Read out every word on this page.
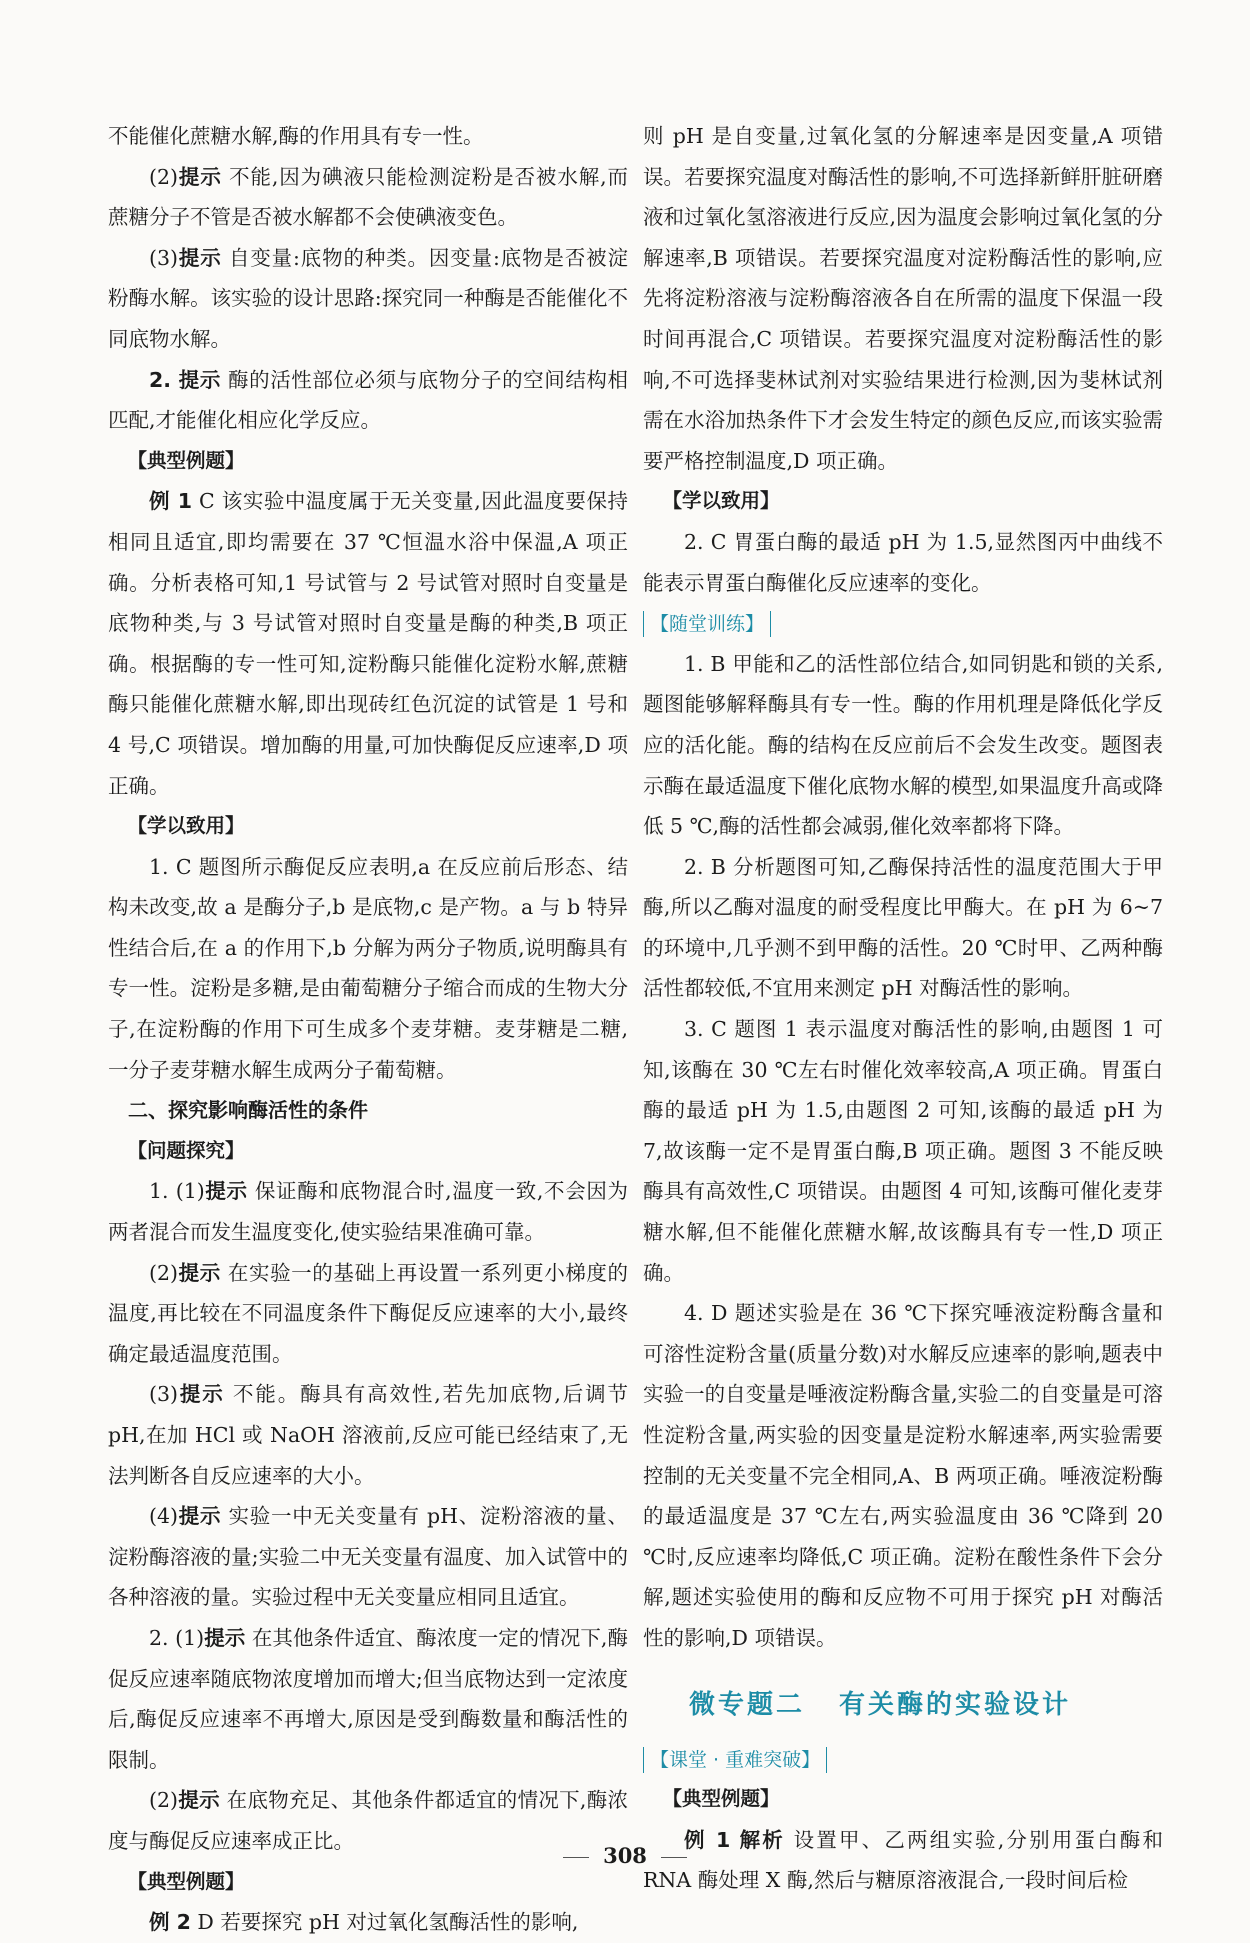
不能催化蔗糖水解,酶的作用具有专一性。

(2)提示 不能,因为碘液只能检测淀粉是否被水解,而蔗糖分子不管是否被水解都不会使碘液变色。

(3)提示 自变量:底物的种类。因变量:底物是否被淀粉酶水解。该实验的设计思路:探究同一种酶是否能催化不同底物水解。

2. 提示 酶的活性部位必须与底物分子的空间结构相匹配,才能催化相应化学反应。

【典型例题】

例 1 C 该实验中温度属于无关变量,因此温度要保持相同且适宜,即均需要在 37 ℃恒温水浴中保温,A 项正确。分析表格可知,1 号试管与 2 号试管对照时自变量是底物种类,与 3 号试管对照时自变量是酶的种类,B 项正确。根据酶的专一性可知,淀粉酶只能催化淀粉水解,蔗糖酶只能催化蔗糖水解,即出现砖红色沉淀的试管是 1 号和 4 号,C 项错误。增加酶的用量,可加快酶促反应速率,D 项正确。

【学以致用】

1. C 题图所示酶促反应表明,a 在反应前后形态、结构未改变,故 a 是酶分子,b 是底物,c 是产物。a 与 b 特异性结合后,在 a 的作用下,b 分解为两分子物质,说明酶具有专一性。淀粉是多糖,是由葡萄糖分子缩合而成的生物大分子,在淀粉酶的作用下可生成多个麦芽糖。麦芽糖是二糖,一分子麦芽糖水解生成两分子葡萄糖。

二、探究影响酶活性的条件

【问题探究】

1. (1)提示 保证酶和底物混合时,温度一致,不会因为两者混合而发生温度变化,使实验结果准确可靠。

(2)提示 在实验一的基础上再设置一系列更小梯度的温度,再比较在不同温度条件下酶促反应速率的大小,最终确定最适温度范围。

(3)提示 不能。酶具有高效性,若先加底物,后调节 pH,在加 HCl 或 NaOH 溶液前,反应可能已经结束了,无法判断各自反应速率的大小。

(4)提示 实验一中无关变量有 pH、淀粉溶液的量、淀粉酶溶液的量;实验二中无关变量有温度、加入试管中的各种溶液的量。实验过程中无关变量应相同且适宜。

2. (1)提示 在其他条件适宜、酶浓度一定的情况下,酶促反应速率随底物浓度增加而增大;但当底物达到一定浓度后,酶促反应速率不再增大,原因是受到酶数量和酶活性的限制。

(2)提示 在底物充足、其他条件都适宜的情况下,酶浓度与酶促反应速率成正比。

【典型例题】

例 2 D 若要探究 pH 对过氧化氢酶活性的影响,

则 pH 是自变量,过氧化氢的分解速率是因变量,A 项错误。若要探究温度对酶活性的影响,不可选择新鲜肝脏研磨液和过氧化氢溶液进行反应,因为温度会影响过氧化氢的分解速率,B 项错误。若要探究温度对淀粉酶活性的影响,应先将淀粉溶液与淀粉酶溶液各自在所需的温度下保温一段时间再混合,C 项错误。若要探究温度对淀粉酶活性的影响,不可选择斐林试剂对实验结果进行检测,因为斐林试剂需在水浴加热条件下才会发生特定的颜色反应,而该实验需要严格控制温度,D 项正确。

【学以致用】

2. C 胃蛋白酶的最适 pH 为 1.5,显然图丙中曲线不能表示胃蛋白酶催化反应速率的变化。

【随堂训练】

1. B 甲能和乙的活性部位结合,如同钥匙和锁的关系,题图能够解释酶具有专一性。酶的作用机理是降低化学反应的活化能。酶的结构在反应前后不会发生改变。题图表示酶在最适温度下催化底物水解的模型,如果温度升高或降低 5 ℃,酶的活性都会减弱,催化效率都将下降。

2. B 分析题图可知,乙酶保持活性的温度范围大于甲酶,所以乙酶对温度的耐受程度比甲酶大。在 pH 为 6~7 的环境中,几乎测不到甲酶的活性。20 ℃时甲、乙两种酶活性都较低,不宜用来测定 pH 对酶活性的影响。

3. C 题图 1 表示温度对酶活性的影响,由题图 1 可知,该酶在 30 ℃左右时催化效率较高,A 项正确。胃蛋白酶的最适 pH 为 1.5,由题图 2 可知,该酶的最适 pH 为 7,故该酶一定不是胃蛋白酶,B 项正确。题图 3 不能反映酶具有高效性,C 项错误。由题图 4 可知,该酶可催化麦芽糖水解,但不能催化蔗糖水解,故该酶具有专一性,D 项正确。

4. D 题述实验是在 36 ℃下探究唾液淀粉酶含量和可溶性淀粉含量(质量分数)对水解反应速率的影响,题表中实验一的自变量是唾液淀粉酶含量,实验二的自变量是可溶性淀粉含量,两实验的因变量是淀粉水解速率,两实验需要控制的无关变量不完全相同,A、B 两项正确。唾液淀粉酶的最适温度是 37 ℃左右,两实验温度由 36 ℃降到 20 ℃时,反应速率均降低,C 项正确。淀粉在酸性条件下会分解,题述实验使用的酶和反应物不可用于探究 pH 对酶活性的影响,D 项错误。

微专题二 有关酶的实验设计

【课堂 · 重难突破】

【典型例题】

例 1 解析 设置甲、乙两组实验,分别用蛋白酶和 RNA 酶处理 X 酶,然后与糖原溶液混合,一段时间后检

308
